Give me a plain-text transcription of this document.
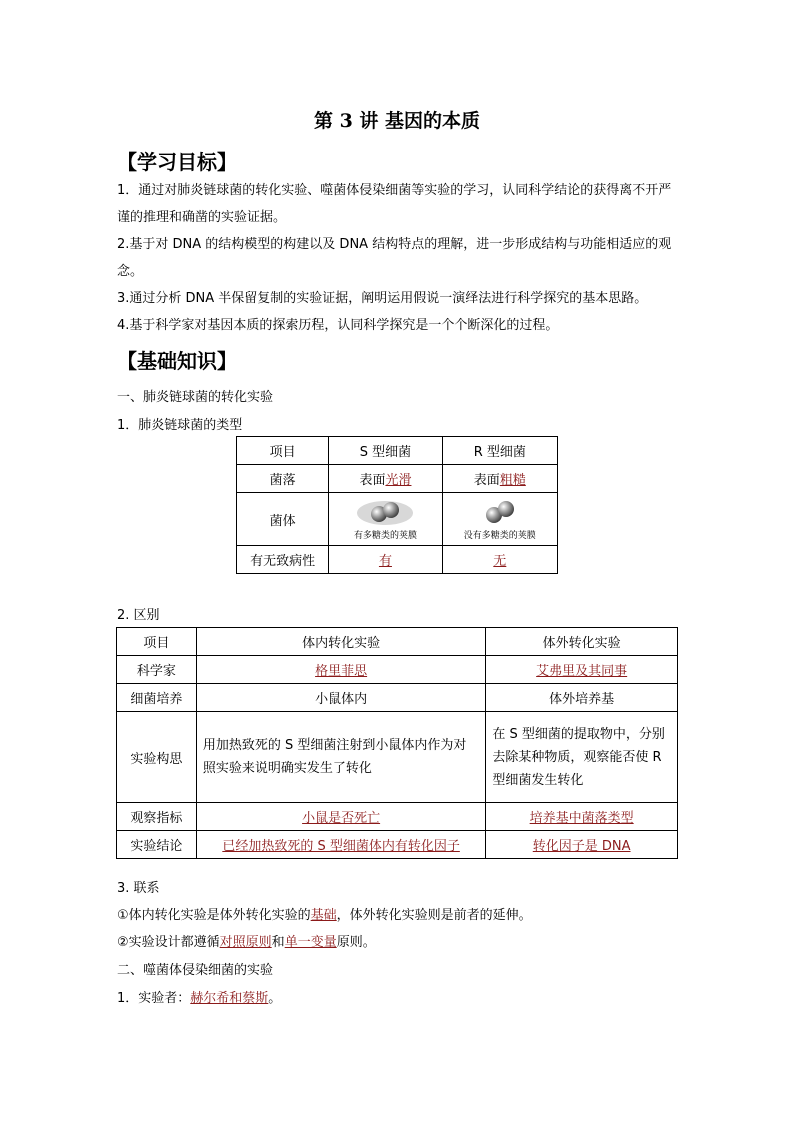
第 3 讲 基因的本质
【学习目标】
1．通过对肺炎链球菌的转化实验、噬菌体侵染细菌等实验的学习，认同科学结论的获得离不开严谨的推理和确凿的实验证据。
2.基于对 DNA 的结构模型的构建以及 DNA 结构特点的理解，进一步形成结构与功能相适应的观念。
3.通过分析 DNA 半保留复制的实验证据，阐明运用假说一演绎法进行科学探究的基本思路。
4.基于科学家对基因本质的探索历程，认同科学探究是一个个断深化的过程。
【基础知识】
一、肺炎链球菌的转化实验
1．肺炎链球菌的类型
项目	S 型细菌	R 型细菌
菌落	表面光滑	表面粗糙
菌体	有多糖类的荚膜	没有多糖类的荚膜

有无致病性	有	无
2. 区别
项目	体内转化实验	体外转化实验
科学家	格里菲思	艾弗里及其同事
细菌培养	小鼠体内	体外培养基
实验构思	用加热致死的 S 型细菌注射到小鼠体内作为对照实验来说明确实发生了转化	在 S 型细菌的提取物中，分别去除某种物质，观察能否使 R 型细菌发生转化
观察指标	小鼠是否死亡	培养基中菌落类型
实验结论	已经加热致死的 S 型细菌体内有转化因子	转化因子是 DNA
3. 联系
①体内转化实验是体外转化实验的基础，体外转化实验则是前者的延伸。
②实验设计都遵循对照原则和单一变量原则。
二、噬菌体侵染细菌的实验
1．实验者：赫尔希和蔡斯。
